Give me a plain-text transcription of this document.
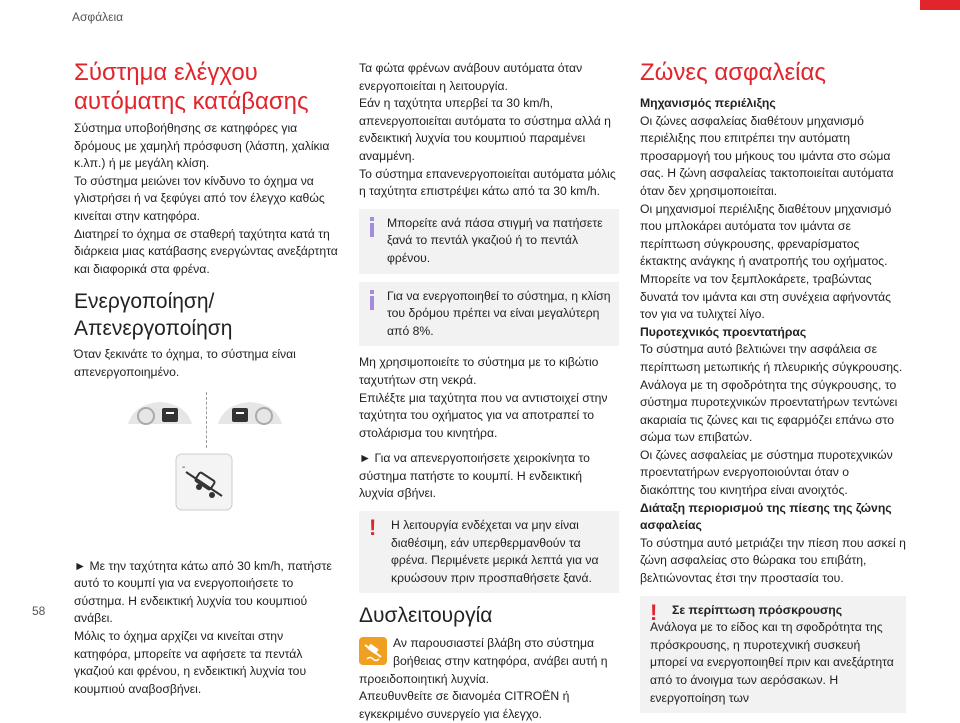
Ασφάλεια
Σύστημα ελέγχου αυτόματης κατάβασης

Σύστημα υποβοήθησης σε κατηφόρες για δρόμους με χαμηλή πρόσφυση (λάσπη, χαλίκια κ.λπ.) ή με μεγάλη κλίση.

Το σύστημα μειώνει τον κίνδυνο το όχημα να γλιστρήσει ή να ξεφύγει από τον έλεγχο καθώς κινείται στην κατηφόρα.

Διατηρεί το όχημα σε σταθερή ταχύτητα κατά τη διάρκεια μιας κατάβασης ενεργώντας ανεξάρτητα και διαφορικά στα φρένα.

Ενεργοποίηση/ Απενεργοποίηση

Όταν ξεκινάτε το όχημα, το σύστημα είναι απενεργοποιημένο.

-

► Με την ταχύτητα κάτω από 30 km/h, πατήστε αυτό το κουμπί για να ενεργοποιήσετε το σύστημα. Η ενδεικτική λυχνία του κουμπιού ανάβει.

Μόλις το όχημα αρχίζει να κινείται στην κατηφόρα, μπορείτε να αφήσετε τα πεντάλ γκαζιού και φρένου, η ενδεικτική λυχνία του κουμπιού αναβοσβήνει.

Τα φώτα φρένων ανάβουν αυτόματα όταν ενεργοποιείται η λειτουργία.

Εάν η ταχύτητα υπερβεί τα 30 km/h, απενεργοποιείται αυτόματα το σύστημα αλλά η ενδεικτική λυχνία του κουμπιού παραμένει αναμμένη.

Το σύστημα επανενεργοποιείται αυτόματα μόλις η ταχύτητα επιστρέψει κάτω από τα 30 km/h.

Μπορείτε ανά πάσα στιγμή να πατήσετε ξανά το πεντάλ γκαζιού ή το πεντάλ φρένου.

Για να ενεργοποιηθεί το σύστημα, η κλίση του δρόμου πρέπει να είναι μεγαλύτερη από 8%.

Μη χρησιμοποιείτε το σύστημα με το κιβώτιο ταχυτήτων στη νεκρά.

Επιλέξτε μια ταχύτητα που να αντιστοιχεί στην ταχύτητα του οχήματος για να αποτραπεί το στολάρισμα του κινητήρα.

► Για να απενεργοποιήσετε χειροκίνητα το σύστημα πατήστε το κουμπί. Η ενδεικτική λυχνία σβήνει.

!	Η λειτουργία ενδέχεται να μην είναι διαθέσιμη, εάν υπερθερμανθούν τα φρένα. Περιμένετε μερικά λεπτά για να κρυώσουν πριν προσπαθήσετε ξανά.

Δυσλειτουργία

Αν παρουσιαστεί βλάβη στο σύστημα βοήθειας στην κατηφόρα, ανάβει αυτή η προειδοποιητική λυχνία.

Απευθυνθείτε σε διανομέα CITROËN ή εγκεκριμένο συνεργείο για έλεγχο.

Ζώνες ασφαλείας

Μηχανισμός περιέλιξης

Οι ζώνες ασφαλείας διαθέτουν μηχανισμό περιέλιξης που επιτρέπει την αυτόματη προσαρμογή του μήκους του ιμάντα στο σώμα σας. Η ζώνη ασφαλείας τακτοποιείται αυτόματα όταν δεν χρησιμοποιείται.

Οι μηχανισμοί περιέλιξης διαθέτουν μηχανισμό που μπλοκάρει αυτόματα τον ιμάντα σε περίπτωση σύγκρουσης, φρεναρίσματος έκτακτης ανάγκης ή ανατροπής του οχήματος. Μπορείτε να τον ξεμπλοκάρετε, τραβώντας δυνατά τον ιμάντα και στη συνέχεια αφήνοντάς τον για να τυλιχτεί λίγο.

Πυροτεχνικός προεντατήρας

Το σύστημα αυτό βελτιώνει την ασφάλεια σε περίπτωση μετωπικής ή πλευρικής σύγκρουσης.

Ανάλογα με τη σφοδρότητα της σύγκρουσης, το σύστημα πυροτεχνικών προεντατήρων τεντώνει ακαριαία τις ζώνες και τις εφαρμόζει επάνω στο σώμα των επιβατών.

Οι ζώνες ασφαλείας με σύστημα πυροτεχνικών προεντατήρων ενεργοποιούνται όταν ο διακόπτης του κινητήρα είναι ανοιχτός.

Διάταξη περιορισμού της πίεσης της ζώνης ασφαλείας

Το σύστημα αυτό μετριάζει την πίεση που ασκεί η ζώνη ασφαλείας στο θώρακα του επιβάτη, βελτιώνοντας έτσι την προστασία του.

!	Σε περίπτωση πρόσκρουσης

Ανάλογα με το είδος και τη σφοδρότητα της πρόσκρουσης, η πυροτεχνική συσκευή μπορεί να ενεργοποιηθεί πριν και ανεξάρτητα από το άνοιγμα των αερόσακων. Η ενεργοποίηση των

58
